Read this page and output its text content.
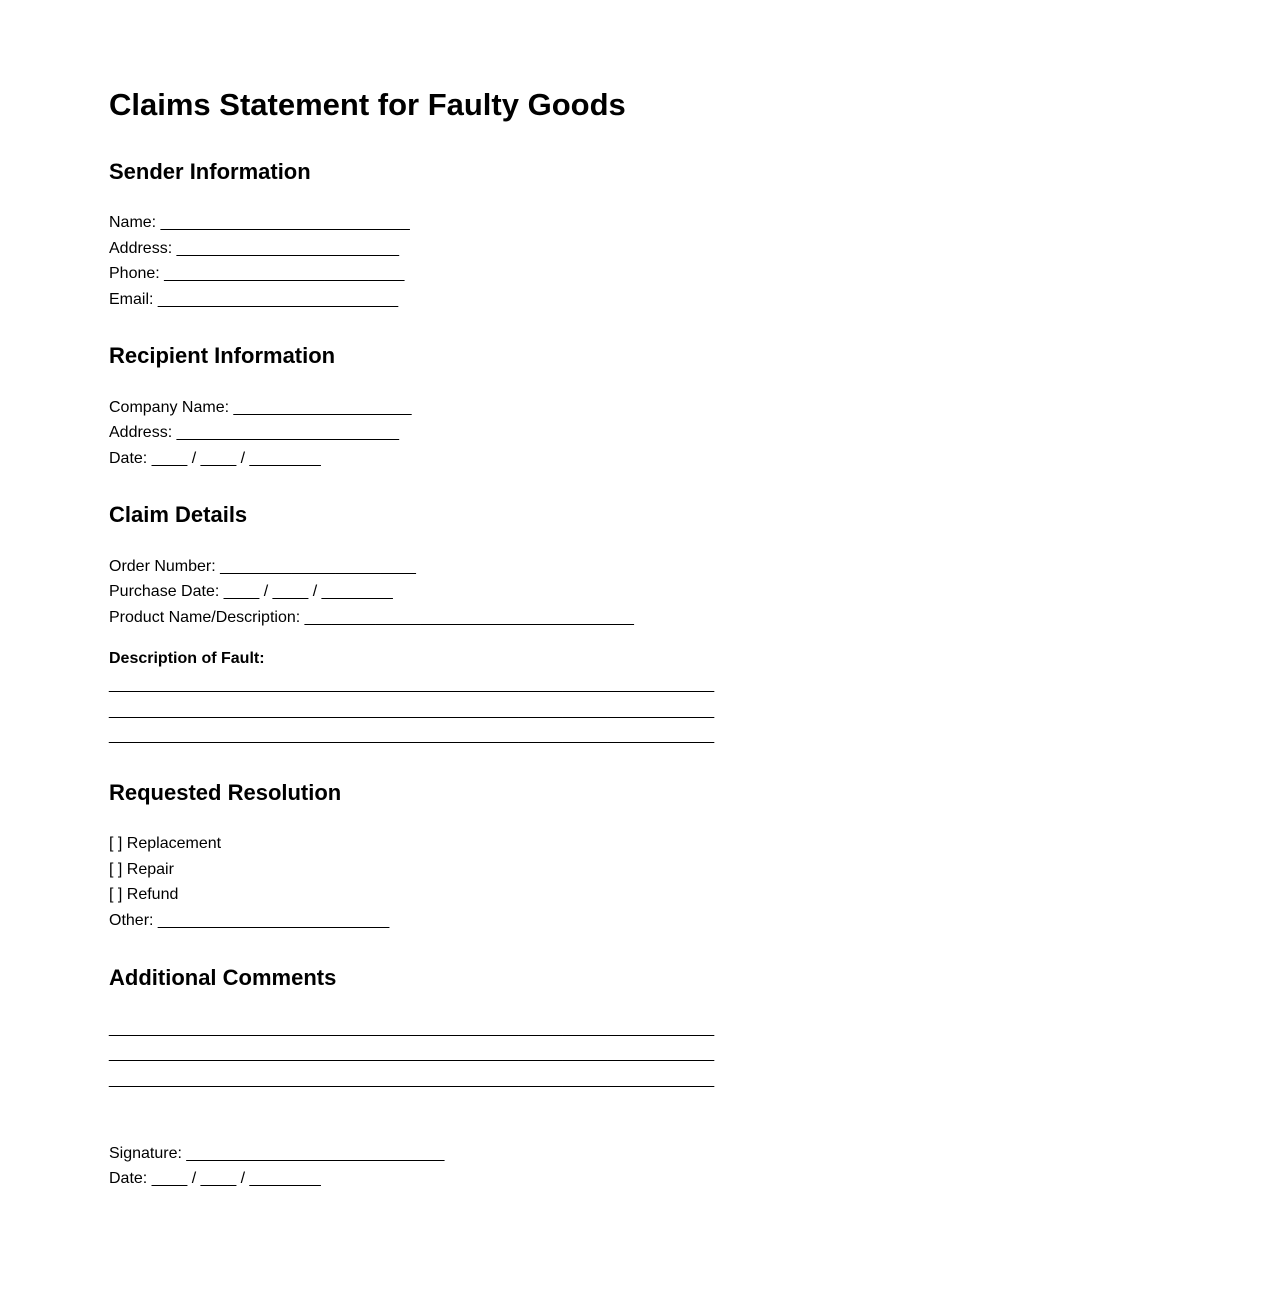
Claims Statement for Faulty Goods
Sender Information
Name: ____________________________
Address: _________________________
Phone: ___________________________
Email: ___________________________
Recipient Information
Company Name: ____________________
Address: _________________________
Date: ____ / ____ / ________
Claim Details
Order Number: ______________________
Purchase Date: ____ / ____ / ________
Product Name/Description: _____________________________________
Description of Fault:
____________________________________________________________________
____________________________________________________________________
____________________________________________________________________
Requested Resolution
[ ] Replacement
[ ] Repair
[ ] Refund
Other: __________________________
Additional Comments
____________________________________________________________________
____________________________________________________________________
____________________________________________________________________
Signature: _____________________________
Date: ____ / ____ / ________
